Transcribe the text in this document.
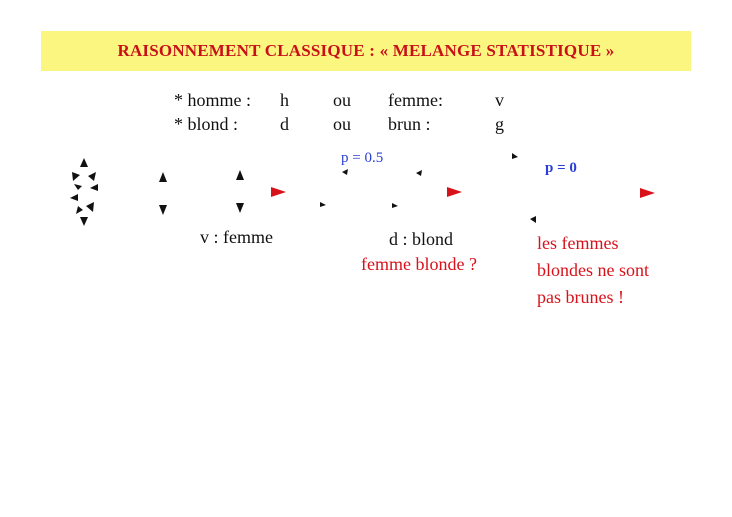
RAISONNEMENT CLASSIQUE : « MELANGE STATISTIQUE »
* homme : h ou femme:	v
* blond : d ou brun :	g
p = 0.5
p = 0
v : femme	d : blond
femme blonde ?
les femmes
blondes ne sont
pas brunes !
